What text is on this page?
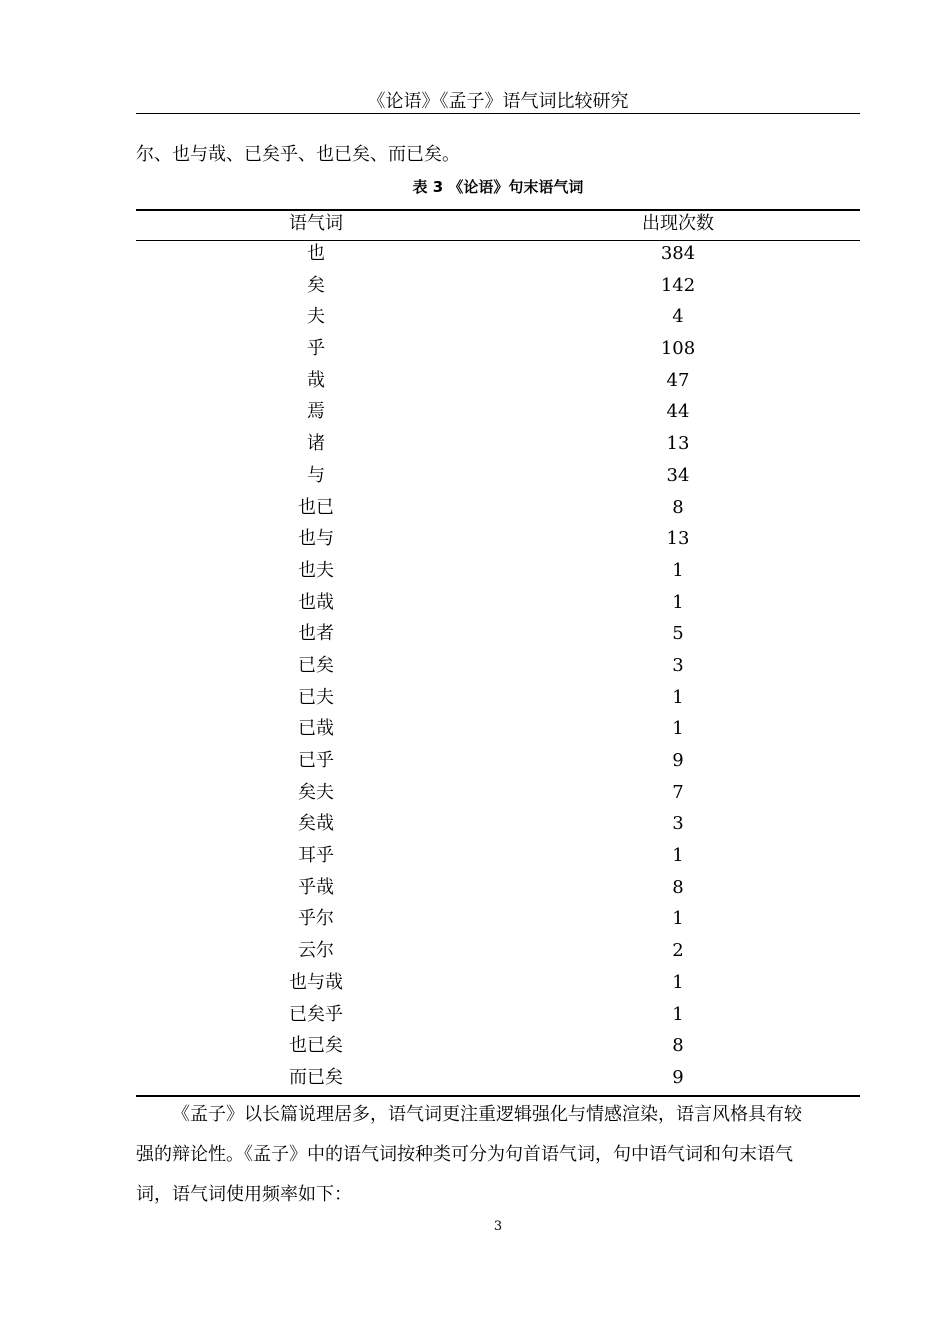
《论语》《孟子》语气词比较研究
尔、也与哉、已矣乎、也已矣、而已矣。
表 3 《论语》句末语气词
语气词	出现次数
也	384
矣	142
夫	4
乎	108
哉	47
焉	44
诸	13
与	34
也已	8
也与	13
也夫	1
也哉	1
也者	5
已矣	3
已夫	1
已哉	1
已乎	9
矣夫	7
矣哉	3
耳乎	1
乎哉	8
乎尔	1
云尔	2
也与哉	1
已矣乎	1
也已矣	8
而已矣	9
《孟子》以长篇说理居多，语气词更注重逻辑强化与情感渲染，语言风格具有较
强的辩论性。《孟子》中的语气词按种类可分为句首语气词，句中语气词和句末语气
词，语气词使用频率如下：
3
